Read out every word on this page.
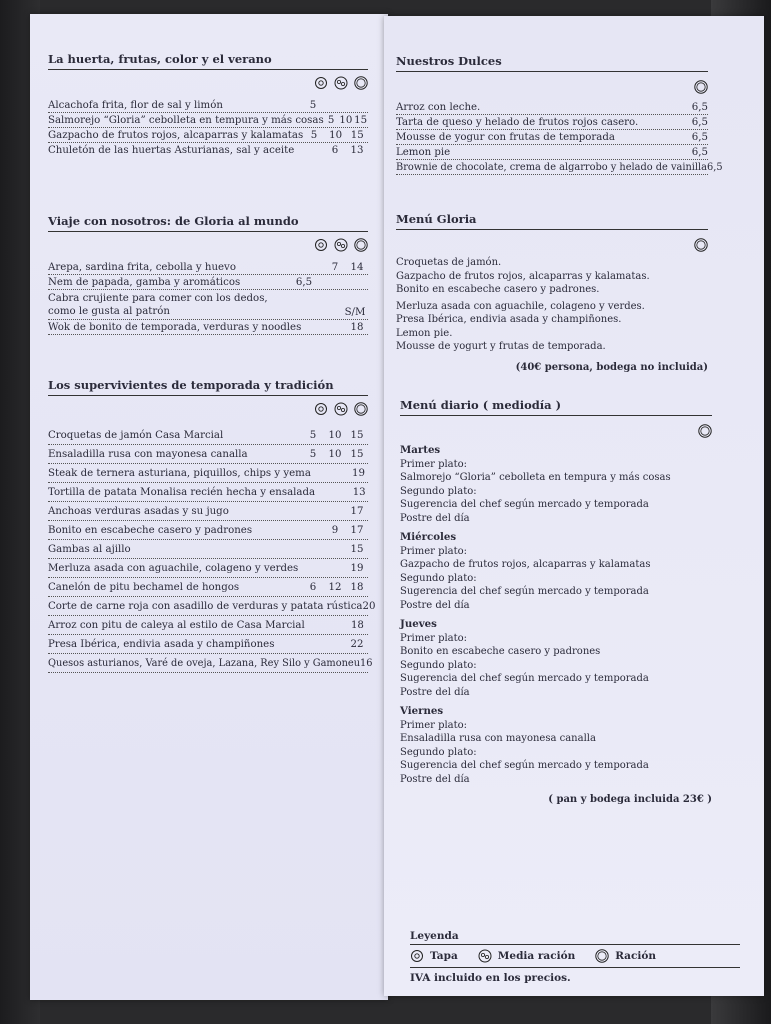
La huerta, frutas, color y el verano
Alcachofa frita, flor de sal y limón	5
Salmorejo “Gloria” cebolleta en tempura y más cosas 5 10 15
Gazpacho de frutos rojos, alcaparras y kalamatas 5	10 15
Chuletón de las huertas Asturianas, sal y aceite	6	13
Viaje con nosotros: de Gloria al mundo
Arepa, sardina frita, cebolla y huevo	7	14
Nem de papada, gamba y aromáticos	6,5
Cabra crujiente para comer con los dedos, como le gusta al patrón	S/M
Wok de bonito de temporada, verduras y noodles	18
Los supervivientes de temporada y tradición
Croquetas de jamón Casa Marcial	5	10 15
Ensaladilla rusa con mayonesa canalla	5	10 15
Steak de ternera asturiana, piquillos, chips y yema	19
Tortilla de patata Monalisa recién hecha y ensalada	13
Anchoas verduras asadas y su jugo	17
Bonito en escabeche casero y padrones	9	17
Gambas al ajillo	15
Merluza asada con aguachile, colageno y verdes	19
Canelón de pitu bechamel de hongos	6	12 18
Corte de carne roja con asadillo de verduras y patata rústica 20
Arroz con pitu de caleya al estilo de Casa Marcial	18
Presa Ibérica, endivia asada y champiñones	22
Quesos asturianos, Varé de oveja, Lazana, Rey Silo y Gamoneu 16
Nuestros Dulces
Arroz con leche.	6,5
Tarta de queso y helado de frutos rojos casero.	6,5
Mousse de yogur con frutas de temporada	6,5
Lemon pie	6,5
Brownie de chocolate, crema de algarrobo y helado de vainilla 6,5
Menú Gloria
Croquetas de jamón.
Gazpacho de frutos rojos, alcaparras y kalamatas.
Bonito en escabeche casero y padrones.
Merluza asada con aguachile, colageno y verdes.
Presa Ibérica, endivia asada y champiñones.
Lemon pie.
Mousse de yogurt y frutas de temporada.
(40€ persona, bodega no incluida)
Menú diario ( mediodía )
Martes
Primer plato:
Salmorejo “Gloria” cebolleta en tempura y más cosas
Segundo plato:
Sugerencia del chef según mercado y temporada
Postre del día
Miércoles
Primer plato:
Gazpacho de frutos rojos, alcaparras y kalamatas
Segundo plato:
Sugerencia del chef según mercado y temporada
Postre del día
Jueves
Primer plato:
Bonito en escabeche casero y padrones
Segundo plato:
Sugerencia del chef según mercado y temporada
Postre del día
Viernes
Primer plato:
Ensaladilla rusa con mayonesa canalla
Segundo plato:
Sugerencia del chef según mercado y temporada
Postre del día
( pan y bodega incluida 23€ )
Leyenda
Tapa	Media ración	Ración
IVA incluido en los precios.
